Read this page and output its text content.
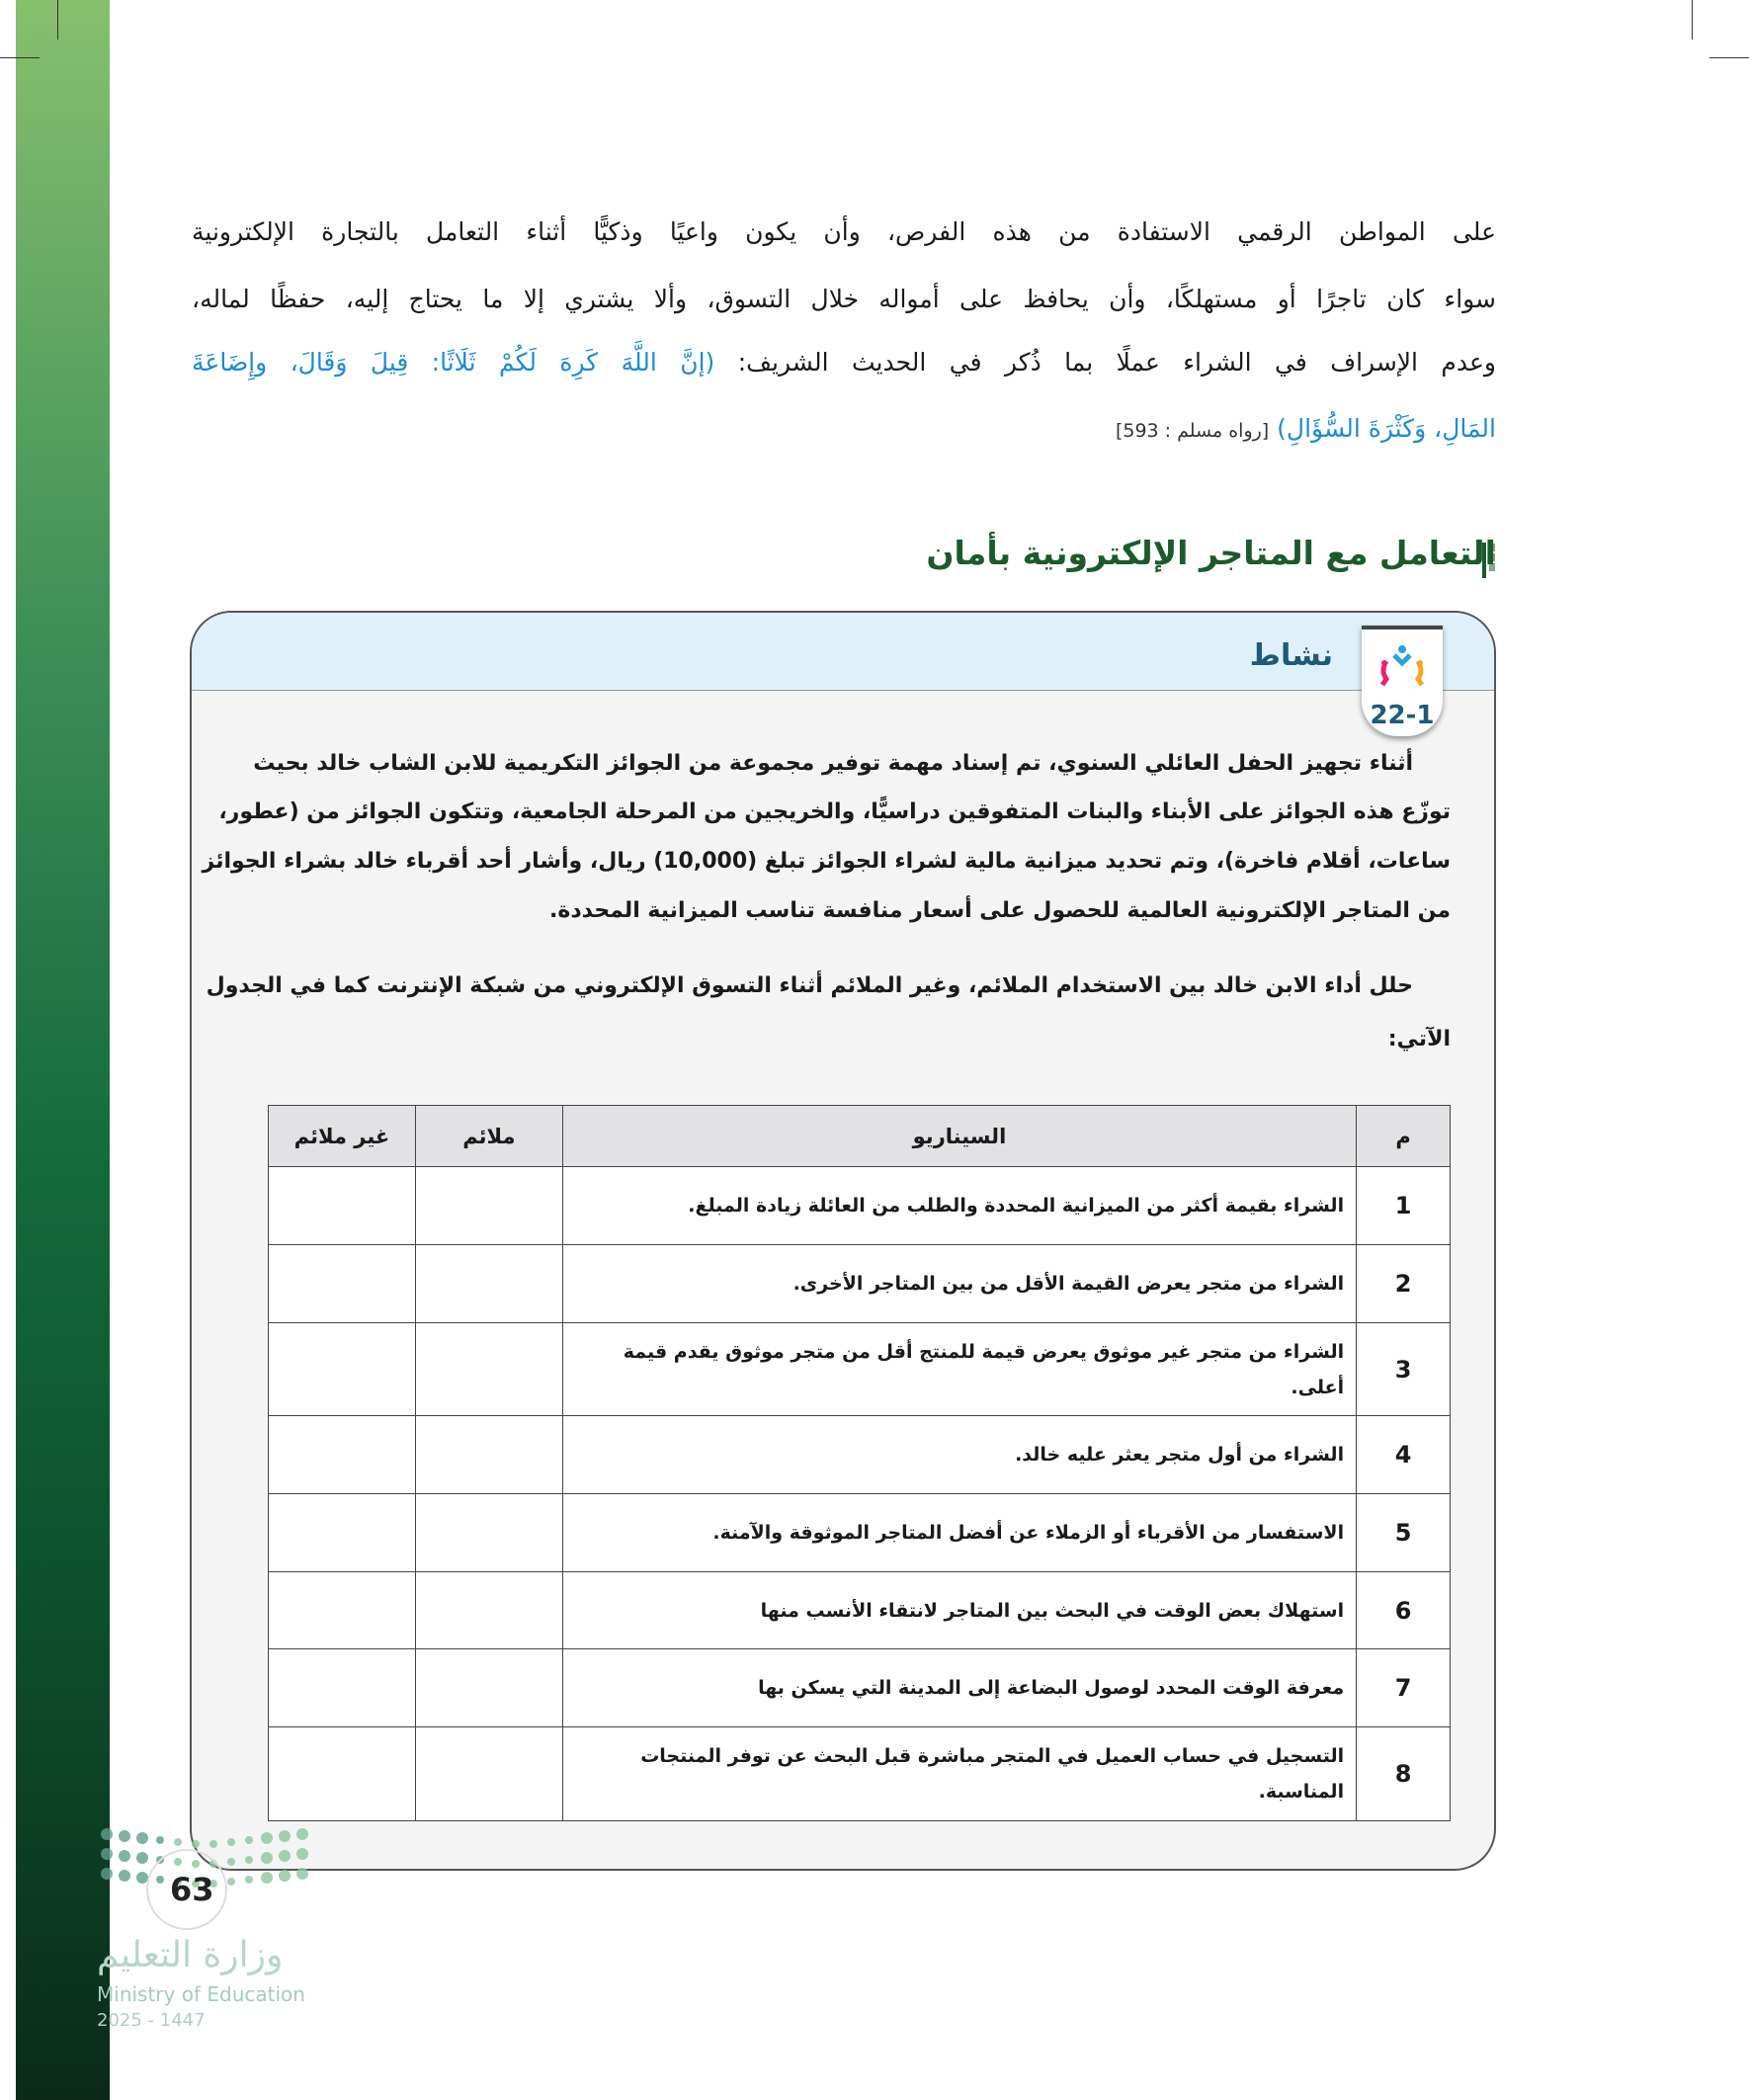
على المواطن الرقمي الاستفادة من هذه الفرص، وأن يكون واعيًا وذكيًّا أثناء التعامل بالتجارة الإلكترونية
سواء كان تاجرًا أو مستهلكًا، وأن يحافظ على أمواله خلال التسوق، وألا يشتري إلا ما يحتاج إليه، حفظًا لماله،
وعدم الإسراف في الشراء عملًا بما ذُكر في الحديث الشريف: (إنَّ اللَّهَ كَرِهَ لَكُمْ ثَلَاثًا: قِيلَ وَقَالَ، وإِضَاعَةَ
المَالِ، وَكَثْرَةَ السُّؤَالِ) [رواه مسلم : 593]
التعامل مع المتاجر الإلكترونية بأمان
نشاط
22-1
أثناء تجهيز الحفل العائلي السنوي، تم إسناد مهمة توفير مجموعة من الجوائز التكريمية للابن الشاب خالد بحيث
توزّع هذه الجوائز على الأبناء والبنات المتفوقين دراسيًّا، والخريجين من المرحلة الجامعية، وتتكون الجوائز من (عطور،
ساعات، أقلام فاخرة)، وتم تحديد ميزانية مالية لشراء الجوائز تبلغ (10,000) ريال، وأشار أحد أقرباء خالد بشراء الجوائز
من المتاجر الإلكترونية العالمية للحصول على أسعار منافسة تناسب الميزانية المحددة.
حلل أداء الابن خالد بين الاستخدام الملائم، وغير الملائم أثناء التسوق الإلكتروني من شبكة الإنترنت كما في الجدول
الآتي:
م	السيناريو	ملائم	غير ملائم
1	الشراء بقيمة أكثر من الميزانية المحددة والطلب من العائلة زيادة المبلغ.		
2	الشراء من متجر يعرض القيمة الأقل من بين المتاجر الأخرى.		
3	الشراء من متجر غير موثوق يعرض قيمة للمنتج أقل من متجر موثوق يقدم قيمة أعلى.		
4	الشراء من أول متجر يعثر عليه خالد.		
5	الاستفسار من الأقرباء أو الزملاء عن أفضل المتاجر الموثوقة والآمنة.		
6	استهلاك بعض الوقت في البحث بين المتاجر لانتقاء الأنسب منها		
7	معرفة الوقت المحدد لوصول البضاعة إلى المدينة التي يسكن بها		
8	التسجيل في حساب العميل في المتجر مباشرة قبل البحث عن توفر المنتجات المناسبة.		
63
وزارة التعليم
Ministry of Education
2025 - 1447
